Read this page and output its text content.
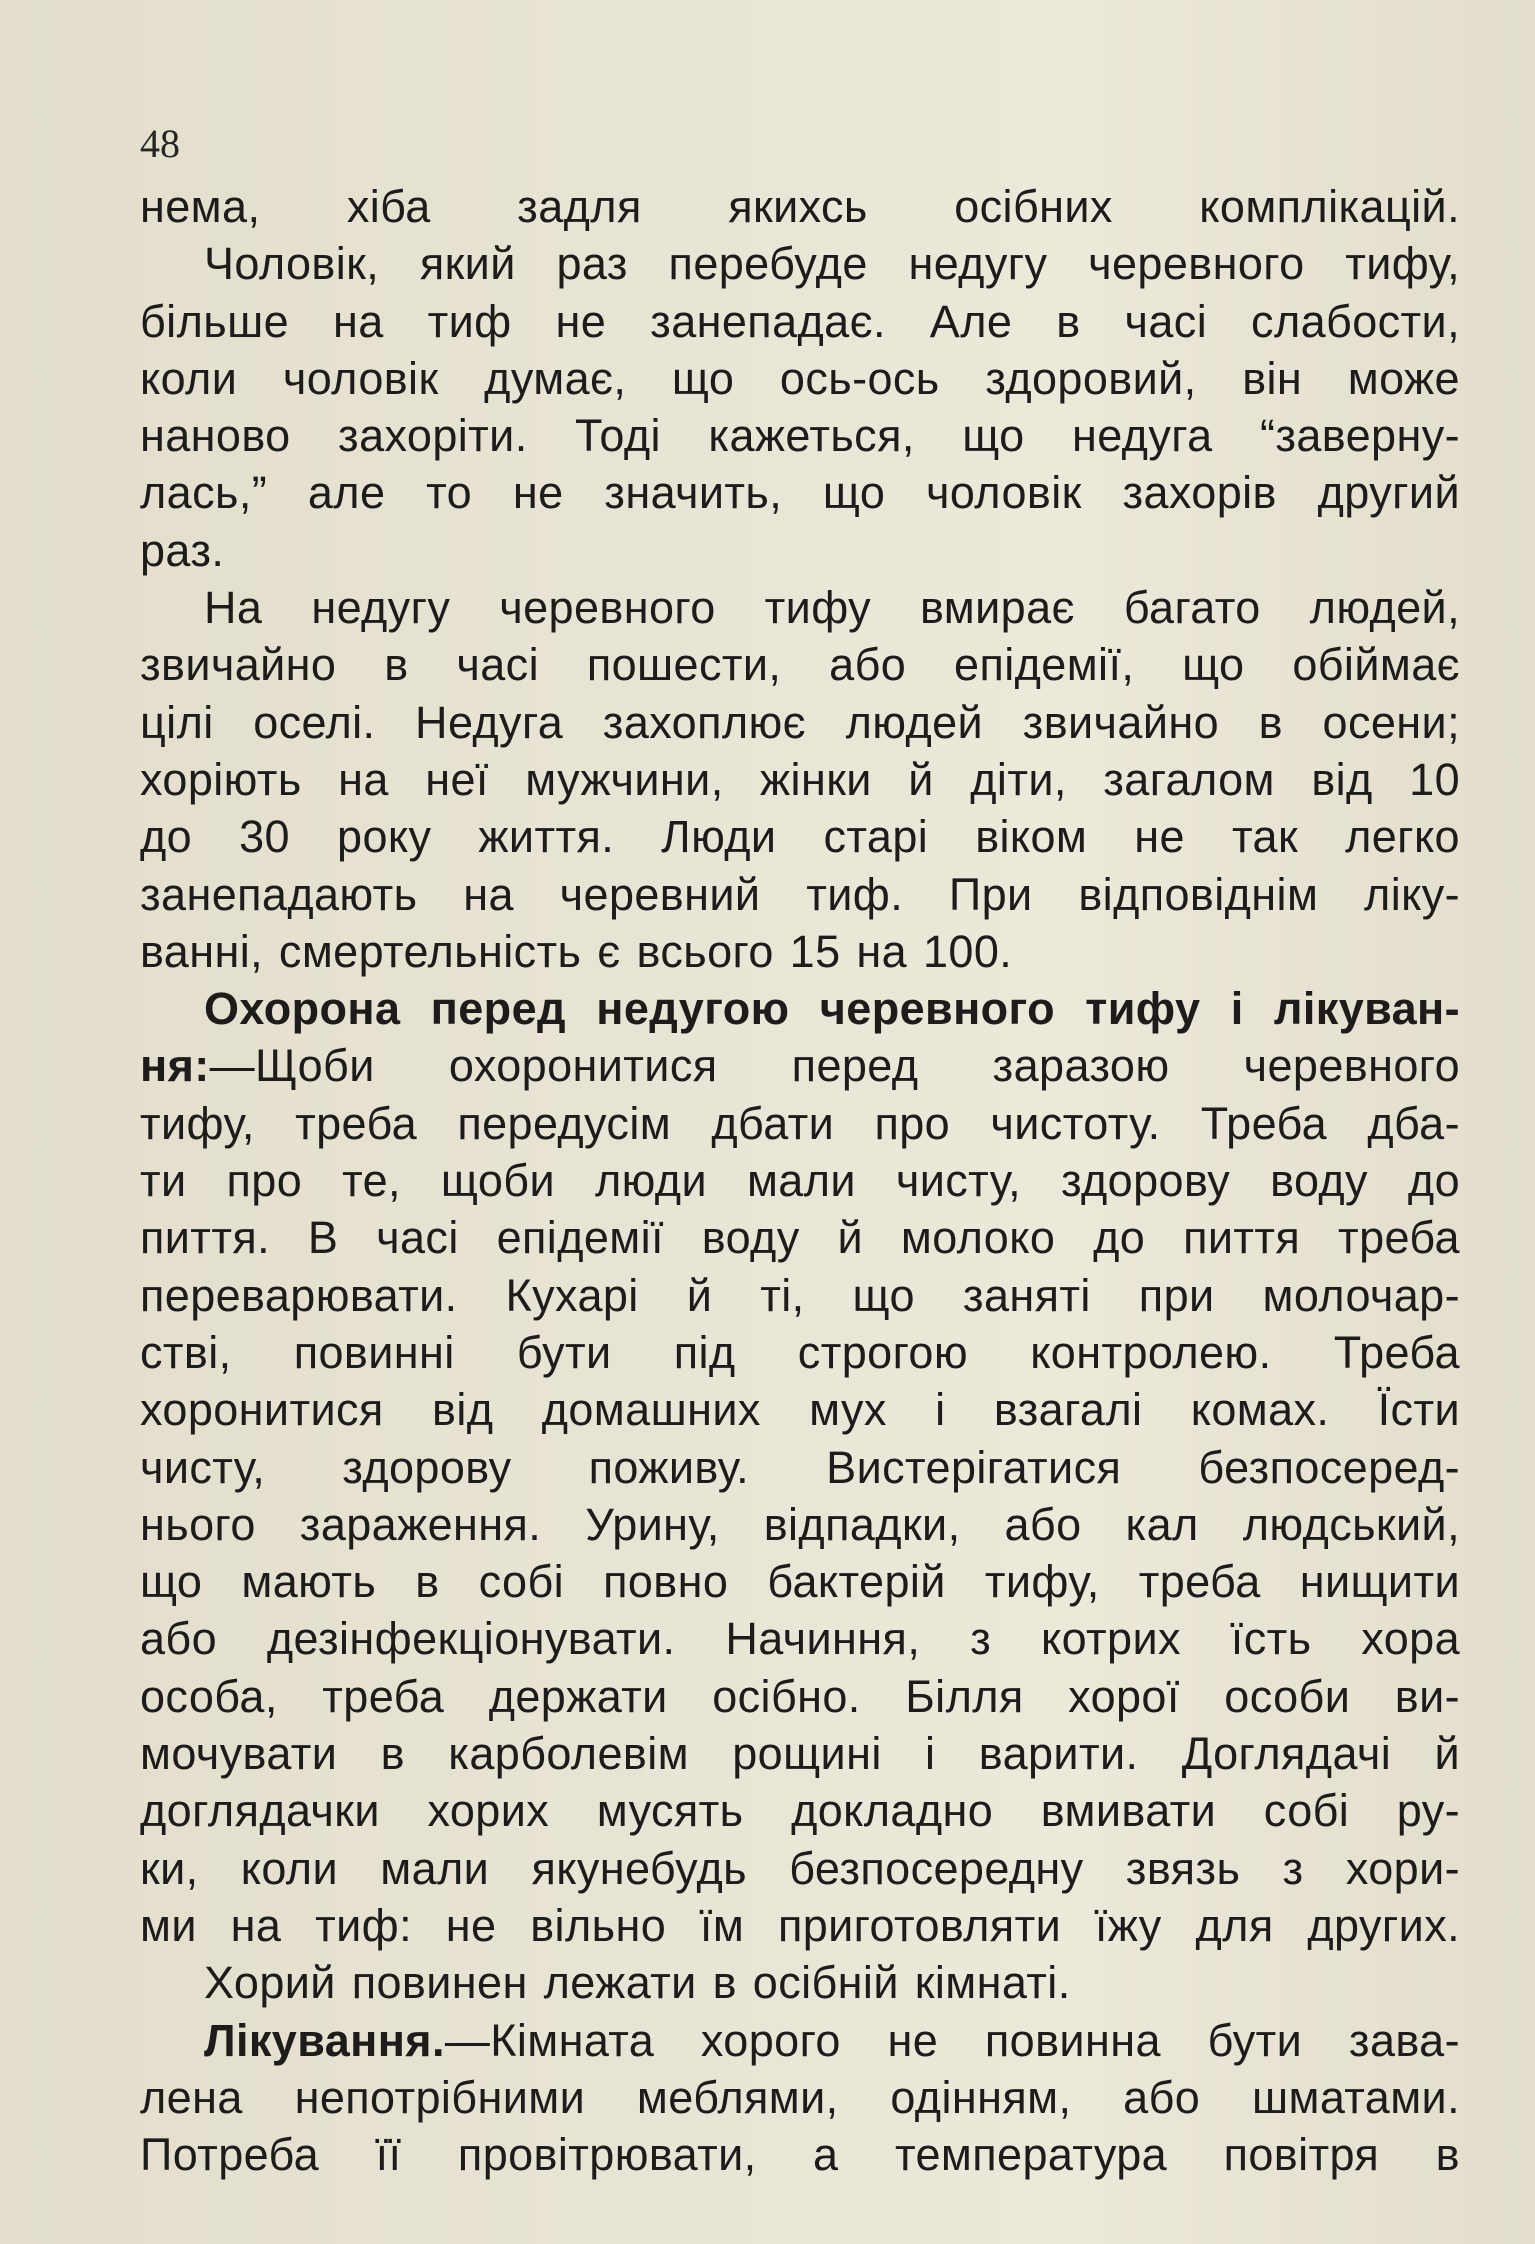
48
нема, хіба задля якихсь осібних комплікацій.
Чоловік, який раз перебуде недугу черевного тифу,
більше на тиф не занепадає. Але в часі слабости,
коли чоловік думає, що ось-ось здоровий, він може
наново захоріти. Тоді кажеться, що недуга “заверну-
лась,” але то не значить, що чоловік захорів другий
раз.
На недугу черевного тифу вмирає багато людей,
звичайно в часі пошести, або епідемії, що обіймає
цілі оселі. Недуга захоплює людей звичайно в осени;
хоріють на неї мужчини, жінки й діти, загалом від 10
до 30 року життя. Люди старі віком не так легко
занепадають на черевний тиф. При відповіднім ліку-
ванні, смертельність є всього 15 на 100.
Охорона перед недугою черевного тифу і лікуван-
ня:—Щоби охоронитися перед заразою черевного
тифу, треба передусім дбати про чистоту. Треба дба-
ти про те, щоби люди мали чисту, здорову воду до
пиття. В часі епідемії воду й молоко до пиття треба
переварювати. Кухарі й ті, що заняті при молочар-
стві, повинні бути під строгою контролею. Треба
хоронитися від домашних мух і взагалі комах. Їсти
чисту, здорову поживу. Вистерігатися безпосеред-
нього зараження. Урину, відпадки, або кал людський,
що мають в собі повно бактерій тифу, треба нищити
або дезінфекціонувати. Начиння, з котрих їсть хора
особа, треба держати осібно. Білля хорої особи ви-
мочувати в карболевім рощині і варити. Доглядачі й
доглядачки хорих мусять докладно вмивати собі ру-
ки, коли мали якунебудь безпосередну звязь з хори-
ми на тиф: не вільно їм приготовляти їжу для других.
Хорий повинен лежати в осібній кімнаті.
Лікування.—Кімната хорого не повинна бути зава-
лена непотрібними меблями, одінням, або шматами.
Потреба її провітрювати, а температура повітря в
